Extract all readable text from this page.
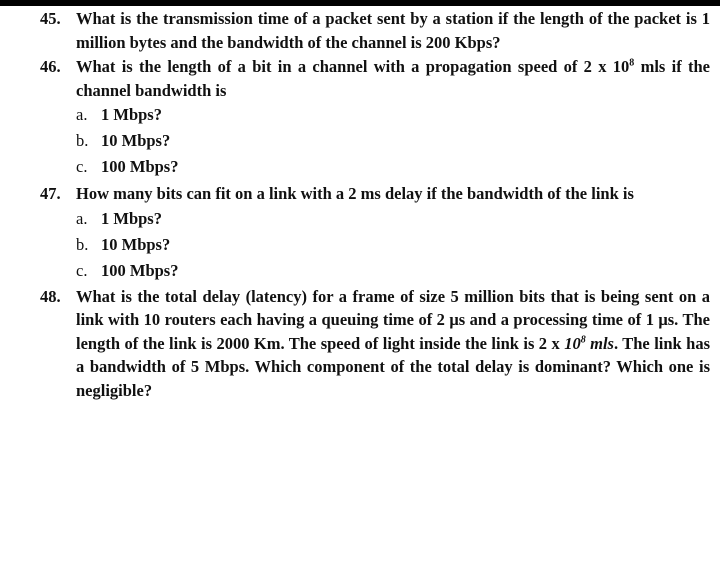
45. What is the transmission time of a packet sent by a station if the length of the packet is 1 million bytes and the bandwidth of the channel is 200 Kbps?
46. What is the length of a bit in a channel with a propagation speed of 2 x $10^8$ mls if the channel bandwidth is
a. 1 Mbps?
b. 10 Mbps?
c. 100 Mbps?
47. How many bits can fit on a link with a 2 ms delay if the bandwidth of the link is
a. 1 Mbps?
b. 10 Mbps?
c. 100 Mbps?
48. What is the total delay (latency) for a frame of size 5 million bits that is being sent on a link with 10 routers each having a queuing time of 2 μs and a processing time of 1 μs. The length of the link is 2000 Km. The speed of light inside the link is 2 x $10^8$ mls. The link has a bandwidth of 5 Mbps. Which component of the total delay is dominant? Which one is negligible?
